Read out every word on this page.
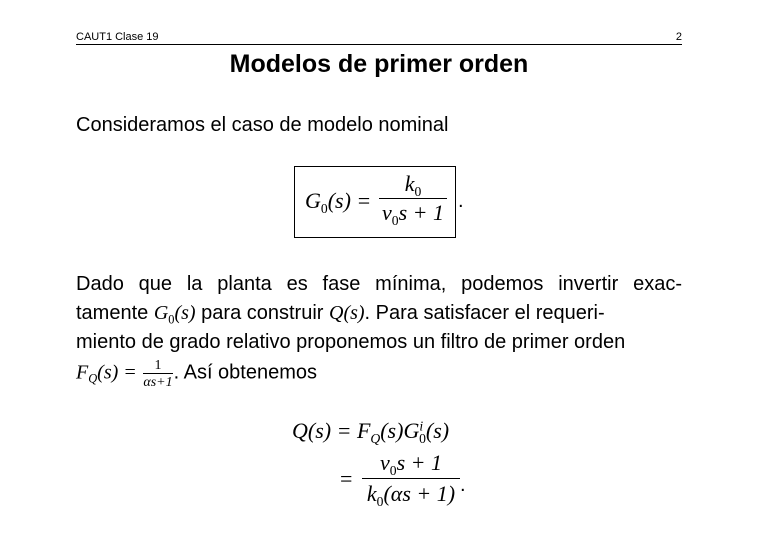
CAUT1 Clase 19	2
Modelos de primer orden
Consideramos el caso de modelo nominal
$G_0(s)$ =
$k_0$
$\nu_0s + 1$ .
Dado que la planta es fase mínima, podemos invertir exac-
tamente $G_0(s)$ para construir Q(s). Para satisfacer el requeri-
miento de grado relativo proponemos un filtro de primer orden
$F_Q(s) = \frac{1}{\alpha s+1}$. Así obtenemos
$Q(s) = F_Q(s)G^i_0(s)$
=
$\nu_0s + 1$
$k_0(\alpha s + 1)$ .
